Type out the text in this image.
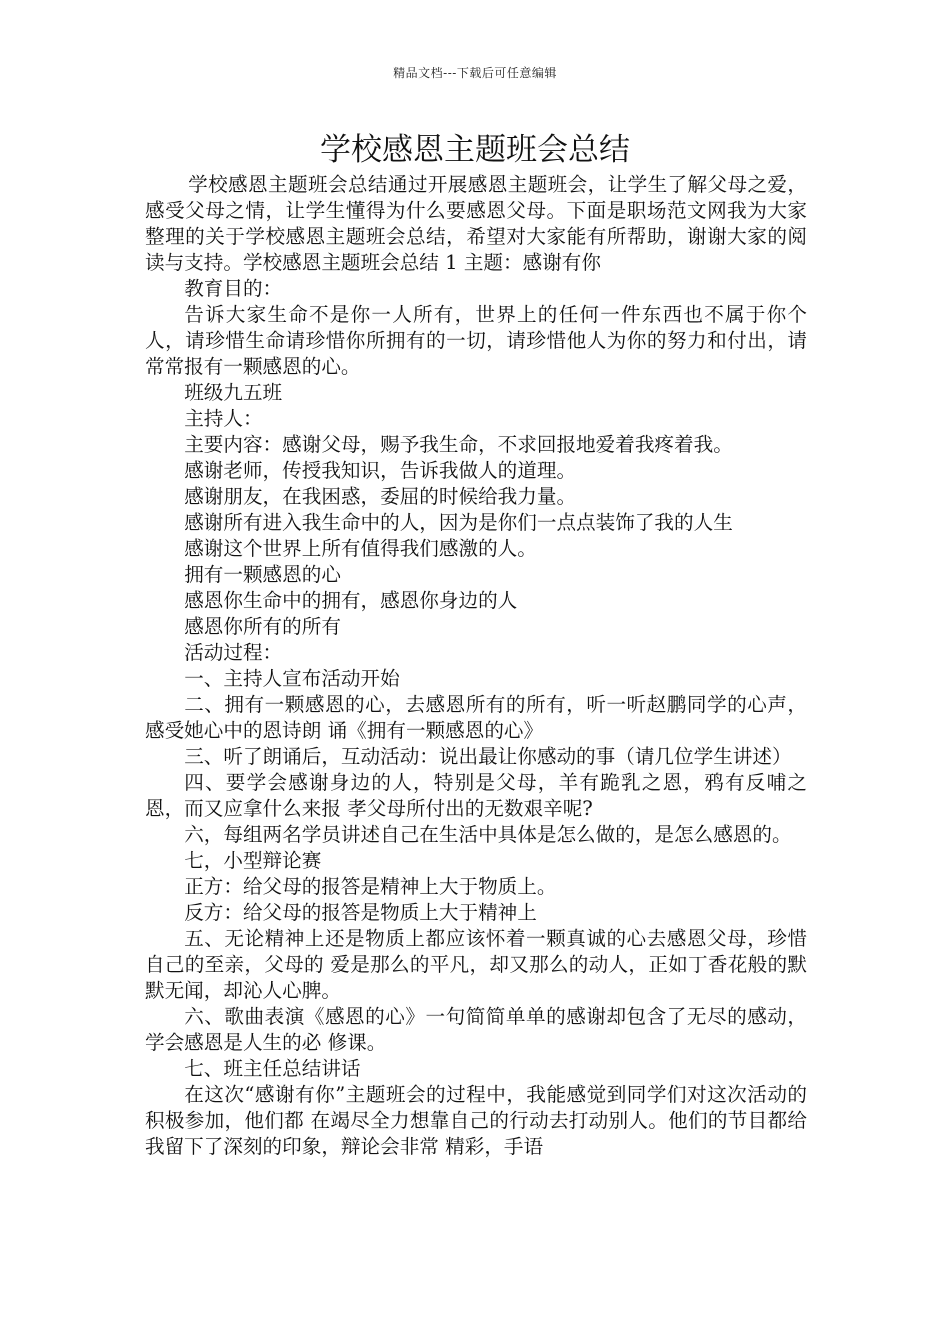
精品文档---下载后可任意编辑
学校感恩主题班会总结

学校感恩主题班会总结通过开展感恩主题班会，让学生了解父母之爱，感受父母之情，让学生懂得为什么要感恩父母。下面是职场范文网我为大家整理的关于学校感恩主题班会总结，希望对大家能有所帮助，谢谢大家的阅读与支持。学校感恩主题班会总结 1 主题：感谢有你

教育目的：

告诉大家生命不是你一人所有，世界上的任何一件东西也不属于你个人，请珍惜生命请珍惜你所拥有的一切，请珍惜他人为你的努力和付出，请常常报有一颗感恩的心。

班级九五班

主持人：

主要内容：感谢父母，赐予我生命，不求回报地爱着我疼着我。

感谢老师，传授我知识，告诉我做人的道理。

感谢朋友，在我困惑，委屈的时候给我力量。

感谢所有进入我生命中的人，因为是你们一点点装饰了我的人生

感谢这个世界上所有值得我们感激的人。

拥有一颗感恩的心

感恩你生命中的拥有，感恩你身边的人

感恩你所有的所有

活动过程：

一、主持人宣布活动开始

二、拥有一颗感恩的心，去感恩所有的所有，听一听赵鹏同学的心声，感受她心中的恩诗朗 诵《拥有一颗感恩的心》

三、听了朗诵后，互动活动：说出最让你感动的事（请几位学生讲述）

四、要学会感谢身边的人，特别是父母，羊有跪乳之恩，鸦有反哺之恩，而又应拿什么来报 孝父母所付出的无数艰辛呢?

六，每组两名学员讲述自己在生活中具体是怎么做的，是怎么感恩的。

七，小型辩论赛

正方：给父母的报答是精神上大于物质上。

反方：给父母的报答是物质上大于精神上

五、无论精神上还是物质上都应该怀着一颗真诚的心去感恩父母，珍惜自己的至亲，父母的 爱是那么的平凡，却又那么的动人，正如丁香花般的默默无闻，却沁人心脾。

六、歌曲表演《感恩的心》一句简简单单的感谢却包含了无尽的感动，学会感恩是人生的必 修课。

七、班主任总结讲话

在这次“感谢有你”主题班会的过程中，我能感觉到同学们对这次活动的积极参加，他们都 在竭尽全力想靠自己的行动去打动别人。他们的节目都给我留下了深刻的印象，辩论会非常 精彩，手语
